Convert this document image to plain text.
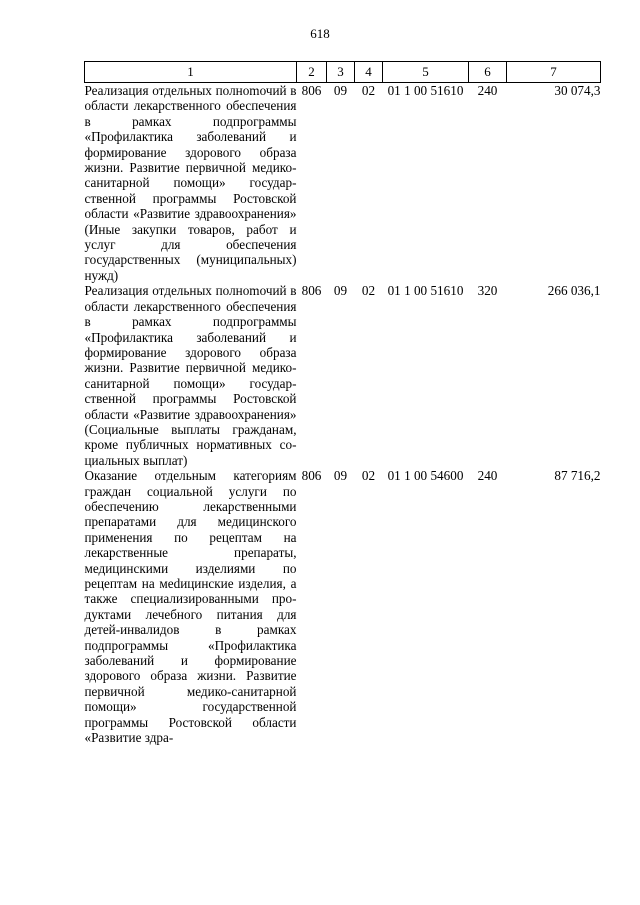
618
1	2	3	4	5	6	7
Реализация отдельных полноmочий в области лекарственного обеспечения в рамках подпрограммы «Профилактика заболеваний и формирование здорового образа жизни. Развитие первичной медико-санитарной помощи» государственной программы Ростовской области «Развитие здравоохранения» (Иные закупки товаров, работ и услуг для обеспечения государственных (муниципальных) нужд)	806	09	02	01 1 00 51610	240	30 074,3
Реализация отдельных полноmочий в области лекарственного обеспечения в рамках подпрограммы «Профилактика заболеваний и формирование здорового образа жизни. Развитие первичной медико-санитарной помощи» государственной программы Ростовской области «Развитие здравоохранения» (Социальные выплаты гражданам, кроме публичных нормативных социальных выплат)	806	09	02	01 1 00 51610	320	266 036,1
Оказание отдельным категориям граждан социальной услуги по обеспечению лекарственными препаратами для медицинского применения по рецептам на лекарственные препараты, медицинскими изделиями по рецептам на меdицинские изделия, а также специализированными продуктами лечебного питания для детей-инвалидов в рамках подпрограммы «Профилактика заболеваний и формирование здорового образа жизни. Развитие первичной медико-санитарной помощи» государственной программы Ростовской области «Развитие здра-	806	09	02	01 1 00 54600	240	87 716,2
